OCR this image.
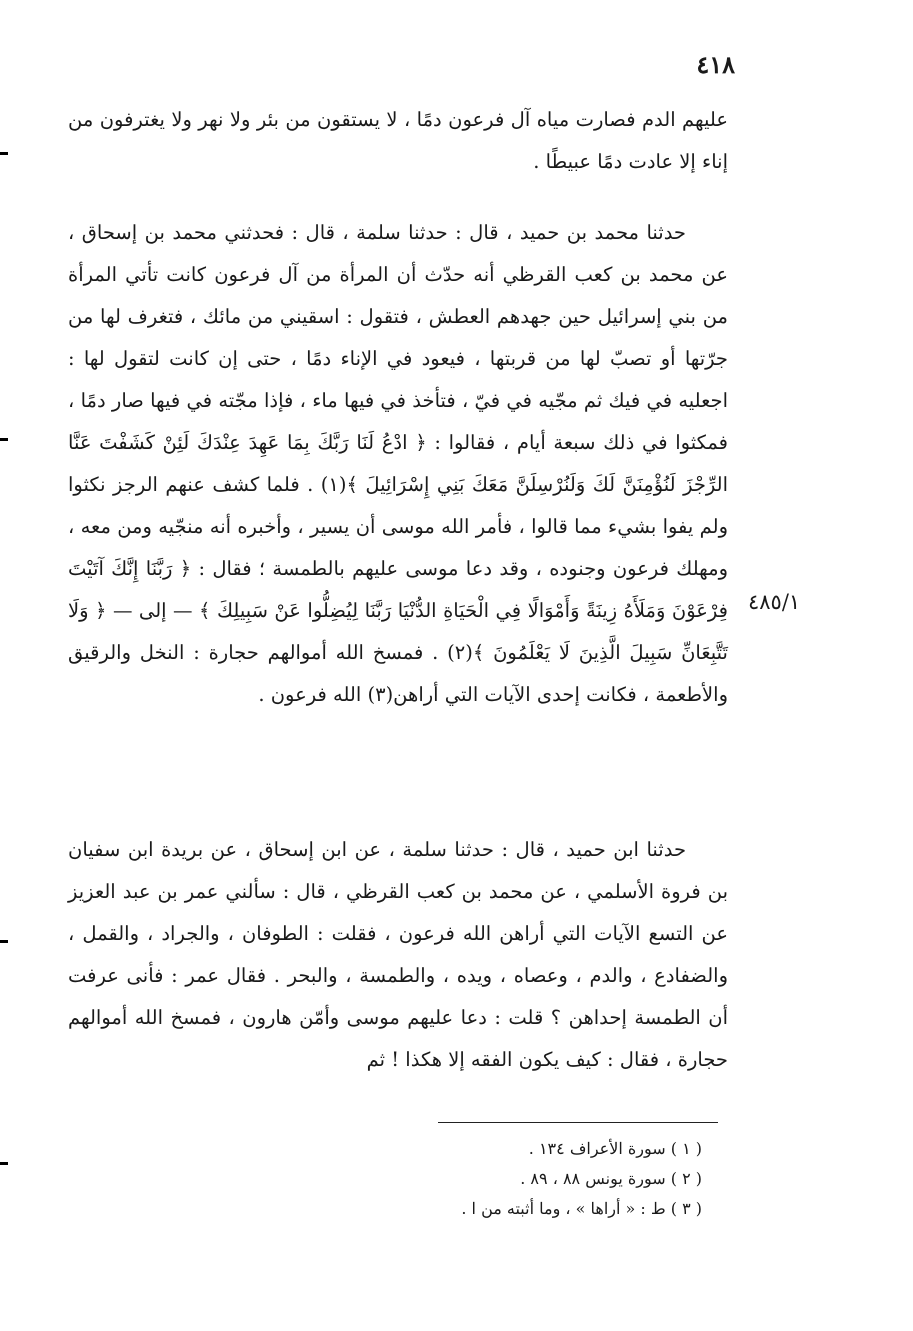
٤١٨

عليهم الدم فصارت مياه آل فرعون دمًا ، لا يستقون من بئر ولا نهر ولا يغترفون من إناء إلا عادت دمًا عبيطًا .

حدثنا محمد بن حميد ، قال : حدثنا سلمة ، قال : فحدثني محمد بن إسحاق ، عن محمد بن كعب القرظي أنه حدّث أن المرأة من آل فرعون كانت تأتي المرأة من بني إسرائيل حين جهدهم العطش ، فتقول : اسقيني من مائك ، فتغرف لها من جرّتها أو تصبّ لها من قربتها ، فيعود في الإناء دمًا ، حتى إن كانت لتقول لها : اجعليه في فيك ثم مجّيه في فيّ ، فتأخذ في فيها ماء ، فإذا مجّته في فيها صار دمًا ، فمكثوا في ذلك سبعة أيام ، فقالوا : ﴿ ادْعُ لَنَا رَبَّكَ بِمَا عَهِدَ عِنْدَكَ لَئِنْ كَشَفْتَ عَنَّا الرِّجْزَ لَنُؤْمِنَنَّ لَكَ وَلَنُرْسِلَنَّ مَعَكَ بَنِي إِسْرَائِيلَ ﴾(١) . فلما كشف عنهم الرجز نكثوا ولم يفوا بشيء مما قالوا ، فأمر الله موسى أن يسير ، وأخبره أنه منجّيه ومن معه ، ومهلك فرعون وجنوده ، وقد دعا موسى عليهم بالطمسة ؛ فقال : ﴿ رَبَّنَا إِنَّكَ آتَيْتَ فِرْعَوْنَ وَمَلَأَهُ زِينَةً وَأَمْوَالًا فِي الْحَيَاةِ الدُّنْيَا رَبَّنَا لِيُضِلُّوا عَنْ سَبِيلِكَ ﴾ — إلى — ﴿ وَلَا تَتَّبِعَانِّ سَبِيلَ الَّذِينَ لَا يَعْلَمُونَ ﴾(٢) . فمسخ الله أموالهم حجارة : النخل والرقيق والأطعمة ، فكانت إحدى الآيات التي أراهن(٣) الله فرعون .

٤٨٥/١

حدثنا ابن حميد ، قال : حدثنا سلمة ، عن ابن إسحاق ، عن بريدة ابن سفيان بن فروة الأسلمي ، عن محمد بن كعب القرظي ، قال : سألني عمر بن عبد العزيز عن التسع الآيات التي أراهن الله فرعون ، فقلت : الطوفان ، والجراد ، والقمل ، والضفادع ، والدم ، وعصاه ، ويده ، والطمسة ، والبحر . فقال عمر : فأنى عرفت أن الطمسة إحداهن ؟ قلت : دعا عليهم موسى وأمّن هارون ، فمسخ الله أموالهم حجارة ، فقال : كيف يكون الفقه إلا هكذا ! ثم

( ١ ) سورة الأعراف ١٣٤ .

( ٢ ) سورة يونس ٨٨ ، ٨٩ .

( ٣ ) ط : « أراها » ، وما أثبته من ا .
